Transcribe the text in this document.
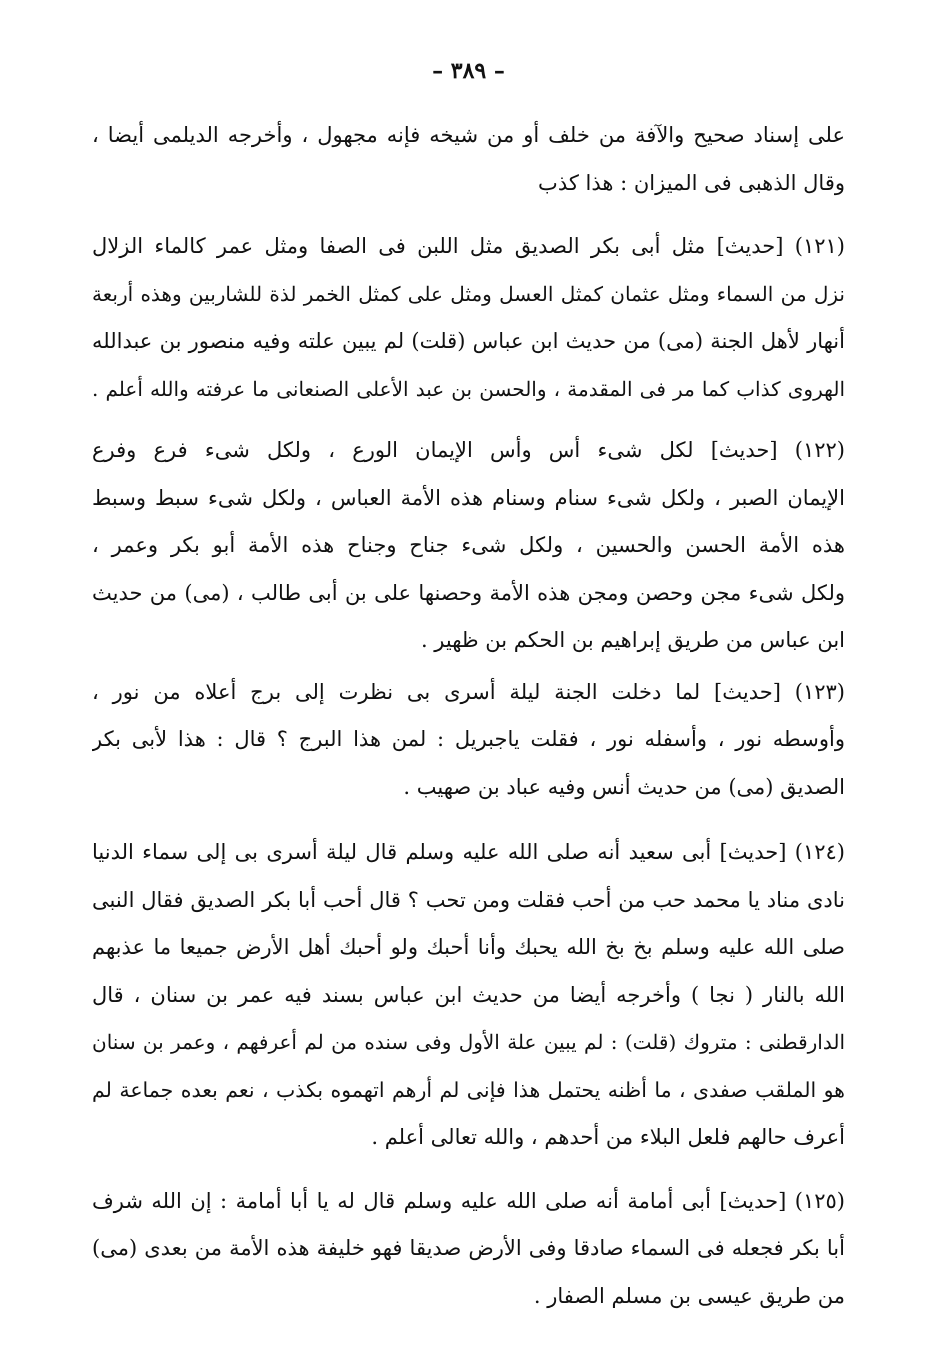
– ٣٨٩ –
على إسناد صحيح والآفة من خلف أو من شيخه فإنه مجهول ، وأخرجه الديلمى أيضا ،
وقال الذهبى فى الميزان : هذا كذب
(١٢١) [حديث] مثل أبى بكر الصديق مثل اللبن فى الصفا ومثل عمر كالماء الزلال
نزل من السماء ومثل عثمان كمثل العسل ومثل على كمثل الخمر لذة للشاربين وهذه أربعة
أنهار لأهل الجنة (مى) من حديث ابن عباس (قلت) لم يبين علته وفيه منصور بن عبدالله
الهروى كذاب كما مر فى المقدمة ، والحسن بن عبد الأعلى الصنعانى ما عرفته والله أعلم .
(١٢٢) [حديث] لكل شىء أس وأس الإيمان الورع ، ولكل شىء فرع وفرع
الإيمان الصبر ، ولكل شىء سنام وسنام هذه الأمة العباس ، ولكل شىء سبط وسبط
هذه الأمة الحسن والحسين ، ولكل شىء جناح وجناح هذه الأمة أبو بكر وعمر ،
ولكل شىء مجن وحصن ومجن هذه الأمة وحصنها على بن أبى طالب ، (مى) من حديث
ابن عباس من طريق إبراهيم بن الحكم بن ظهير .
(١٢٣) [حديث] لما دخلت الجنة ليلة أسرى بى نظرت إلى برج أعلاه من نور ،
وأوسطه نور ، وأسفله نور ، فقلت ياجبريل : لمن هذا البرج ؟ قال : هذا لأبى بكر
الصديق (مى) من حديث أنس وفيه عباد بن صهيب .
(١٢٤) [حديث] أبى سعيد أنه صلى الله عليه وسلم قال ليلة أسرى بى إلى سماء الدنيا
نادى مناد يا محمد حب من أحب فقلت ومن تحب ؟ قال أحب أبا بكر الصديق فقال النبى
صلى الله عليه وسلم بخ بخ الله يحبك وأنا أحبك ولو أحبك أهل الأرض جميعا ما عذبهم
الله بالنار ( نجا ) وأخرجه أيضا من حديث ابن عباس بسند فيه عمر بن سنان ، قال
الدارقطنى : متروك (قلت) : لم يبين علة الأول وفى سنده من لم أعرفهم ، وعمر بن سنان
هو الملقب صفدى ، ما أظنه يحتمل هذا فإنى لم أرهم اتهموه بكذب ، نعم بعده جماعة لم
أعرف حالهم فلعل البلاء من أحدهم ، والله تعالى أعلم .
(١٢٥) [حديث] أبى أمامة أنه صلى الله عليه وسلم قال له يا أبا أمامة : إن الله شرف
أبا بكر فجعله فى السماء صادقا وفى الأرض صديقا فهو خليفة هذه الأمة من بعدى (مى)
من طريق عيسى بن مسلم الصفار .
